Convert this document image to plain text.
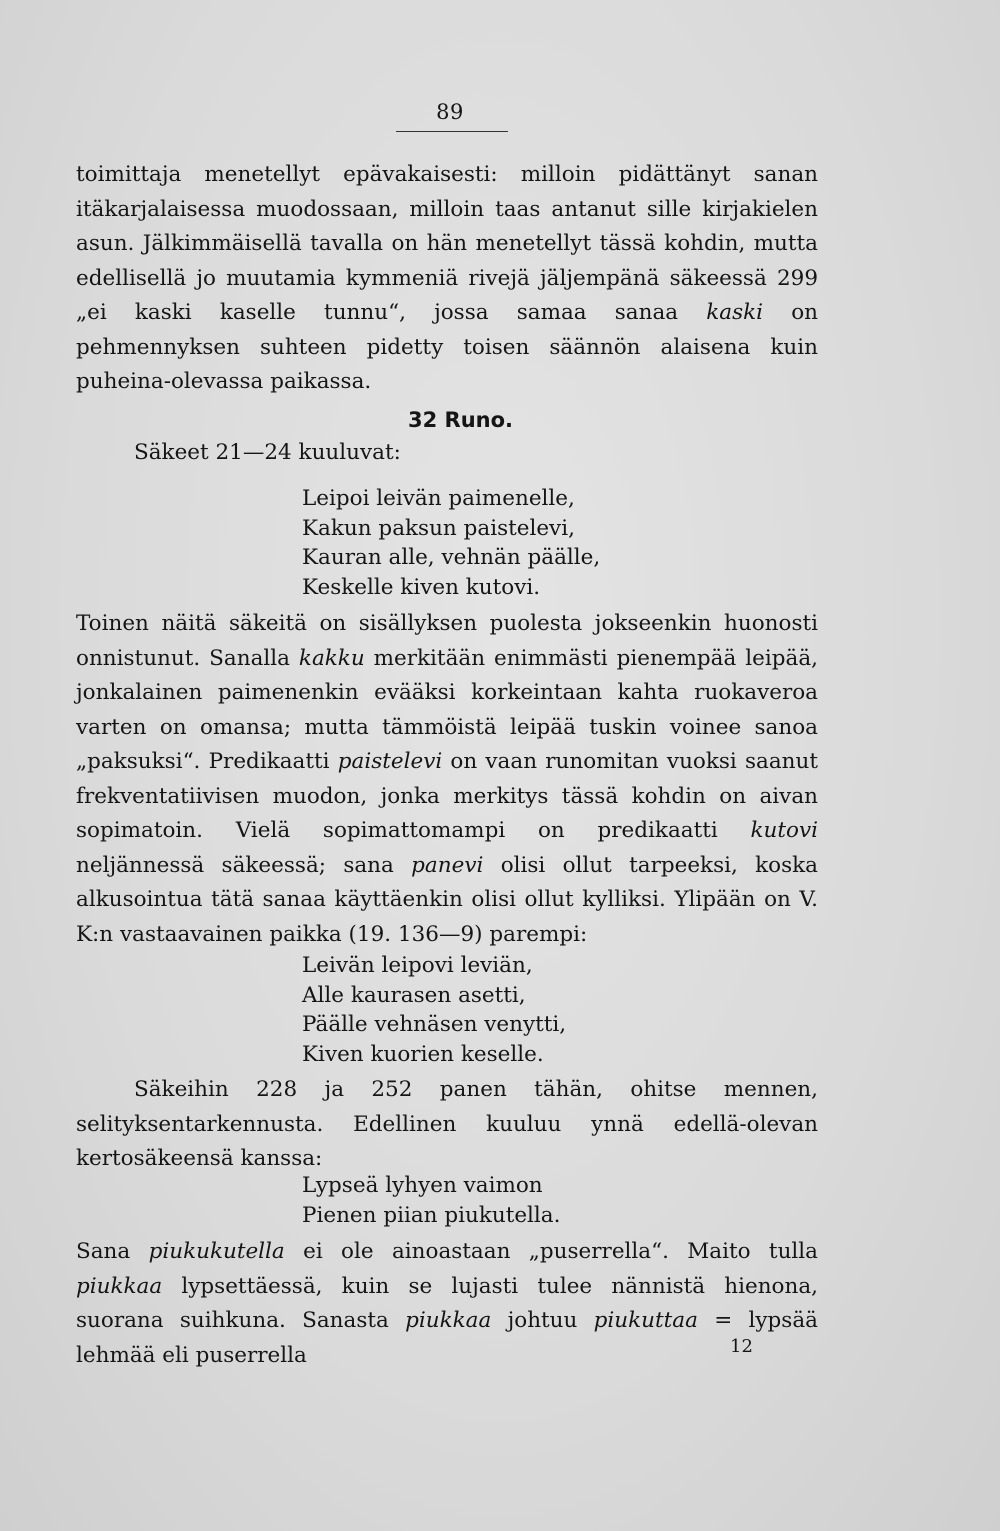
89

toimittaja menetellyt epävakaisesti: milloin pidättänyt sanan itäkarjalaisessa muodossaan, milloin taas antanut sille kirjakielen asun. Jälkimmäisellä tavalla on hän menetellyt tässä kohdin, mutta edellisellä jo muutamia kymmeniä rivejä jäljempänä säkeessä 299 „ei kaski kaselle tunnu“, jossa samaa sanaa kaski on pehmennyksen suhteen pidetty toisen säännön alaisena kuin puheina-olevassa paikassa.

32 Runo.
Säkeet 21—24 kuuluvat:
Leipoi leivän paimenelle,
Kakun paksun paistelevi,
Kauran alle, vehnän päälle,
Keskelle kiven kutovi.

Toinen näitä säkeitä on sisällyksen puolesta jokseenkin huonosti onnistunut. Sanalla kakku merkitään enimmästi pienempää leipää, jonkalainen paimenenkin evääksi korkeintaan kahta ruokaveroa varten on omansa; mutta tämmöistä leipää tuskin voinee sanoa „paksuksi“. Predikaatti paistelevi on vaan runomitan vuoksi saanut frekventatiivisen muodon, jonka merkitys tässä kohdin on aivan sopimatoin. Vielä sopimattomampi on predikaatti kutovi neljännessä säkeessä; sana panevi olisi ollut tarpeeksi, koska alkusointua tätä sanaa käyttäenkin olisi ollut kylliksi. Ylipään on V. K:n vastaavainen paikka (19. 136—9) parempi:

Leivän leipovi leviän,
Alle kaurasen asetti,
Päälle vehnäsen venytti,
Kiven kuorien keselle.

Säkeihin 228 ja 252 panen tähän, ohitse mennen, selityksentarkennusta. Edellinen kuuluu ynnä edellä-olevan kertosäkeensä kanssa:

Lypseä lyhyen vaimon
Pienen piian piukutella.

Sana piukukutella ei ole ainoastaan „puserrella“. Maito tulla piukkaa lypsettäessä, kuin se lujasti tulee nännistä hienona, suorana suihkuna. Sanasta piukkaa johtuu piukuttaa = lypsää lehmää eli puserrella	12
